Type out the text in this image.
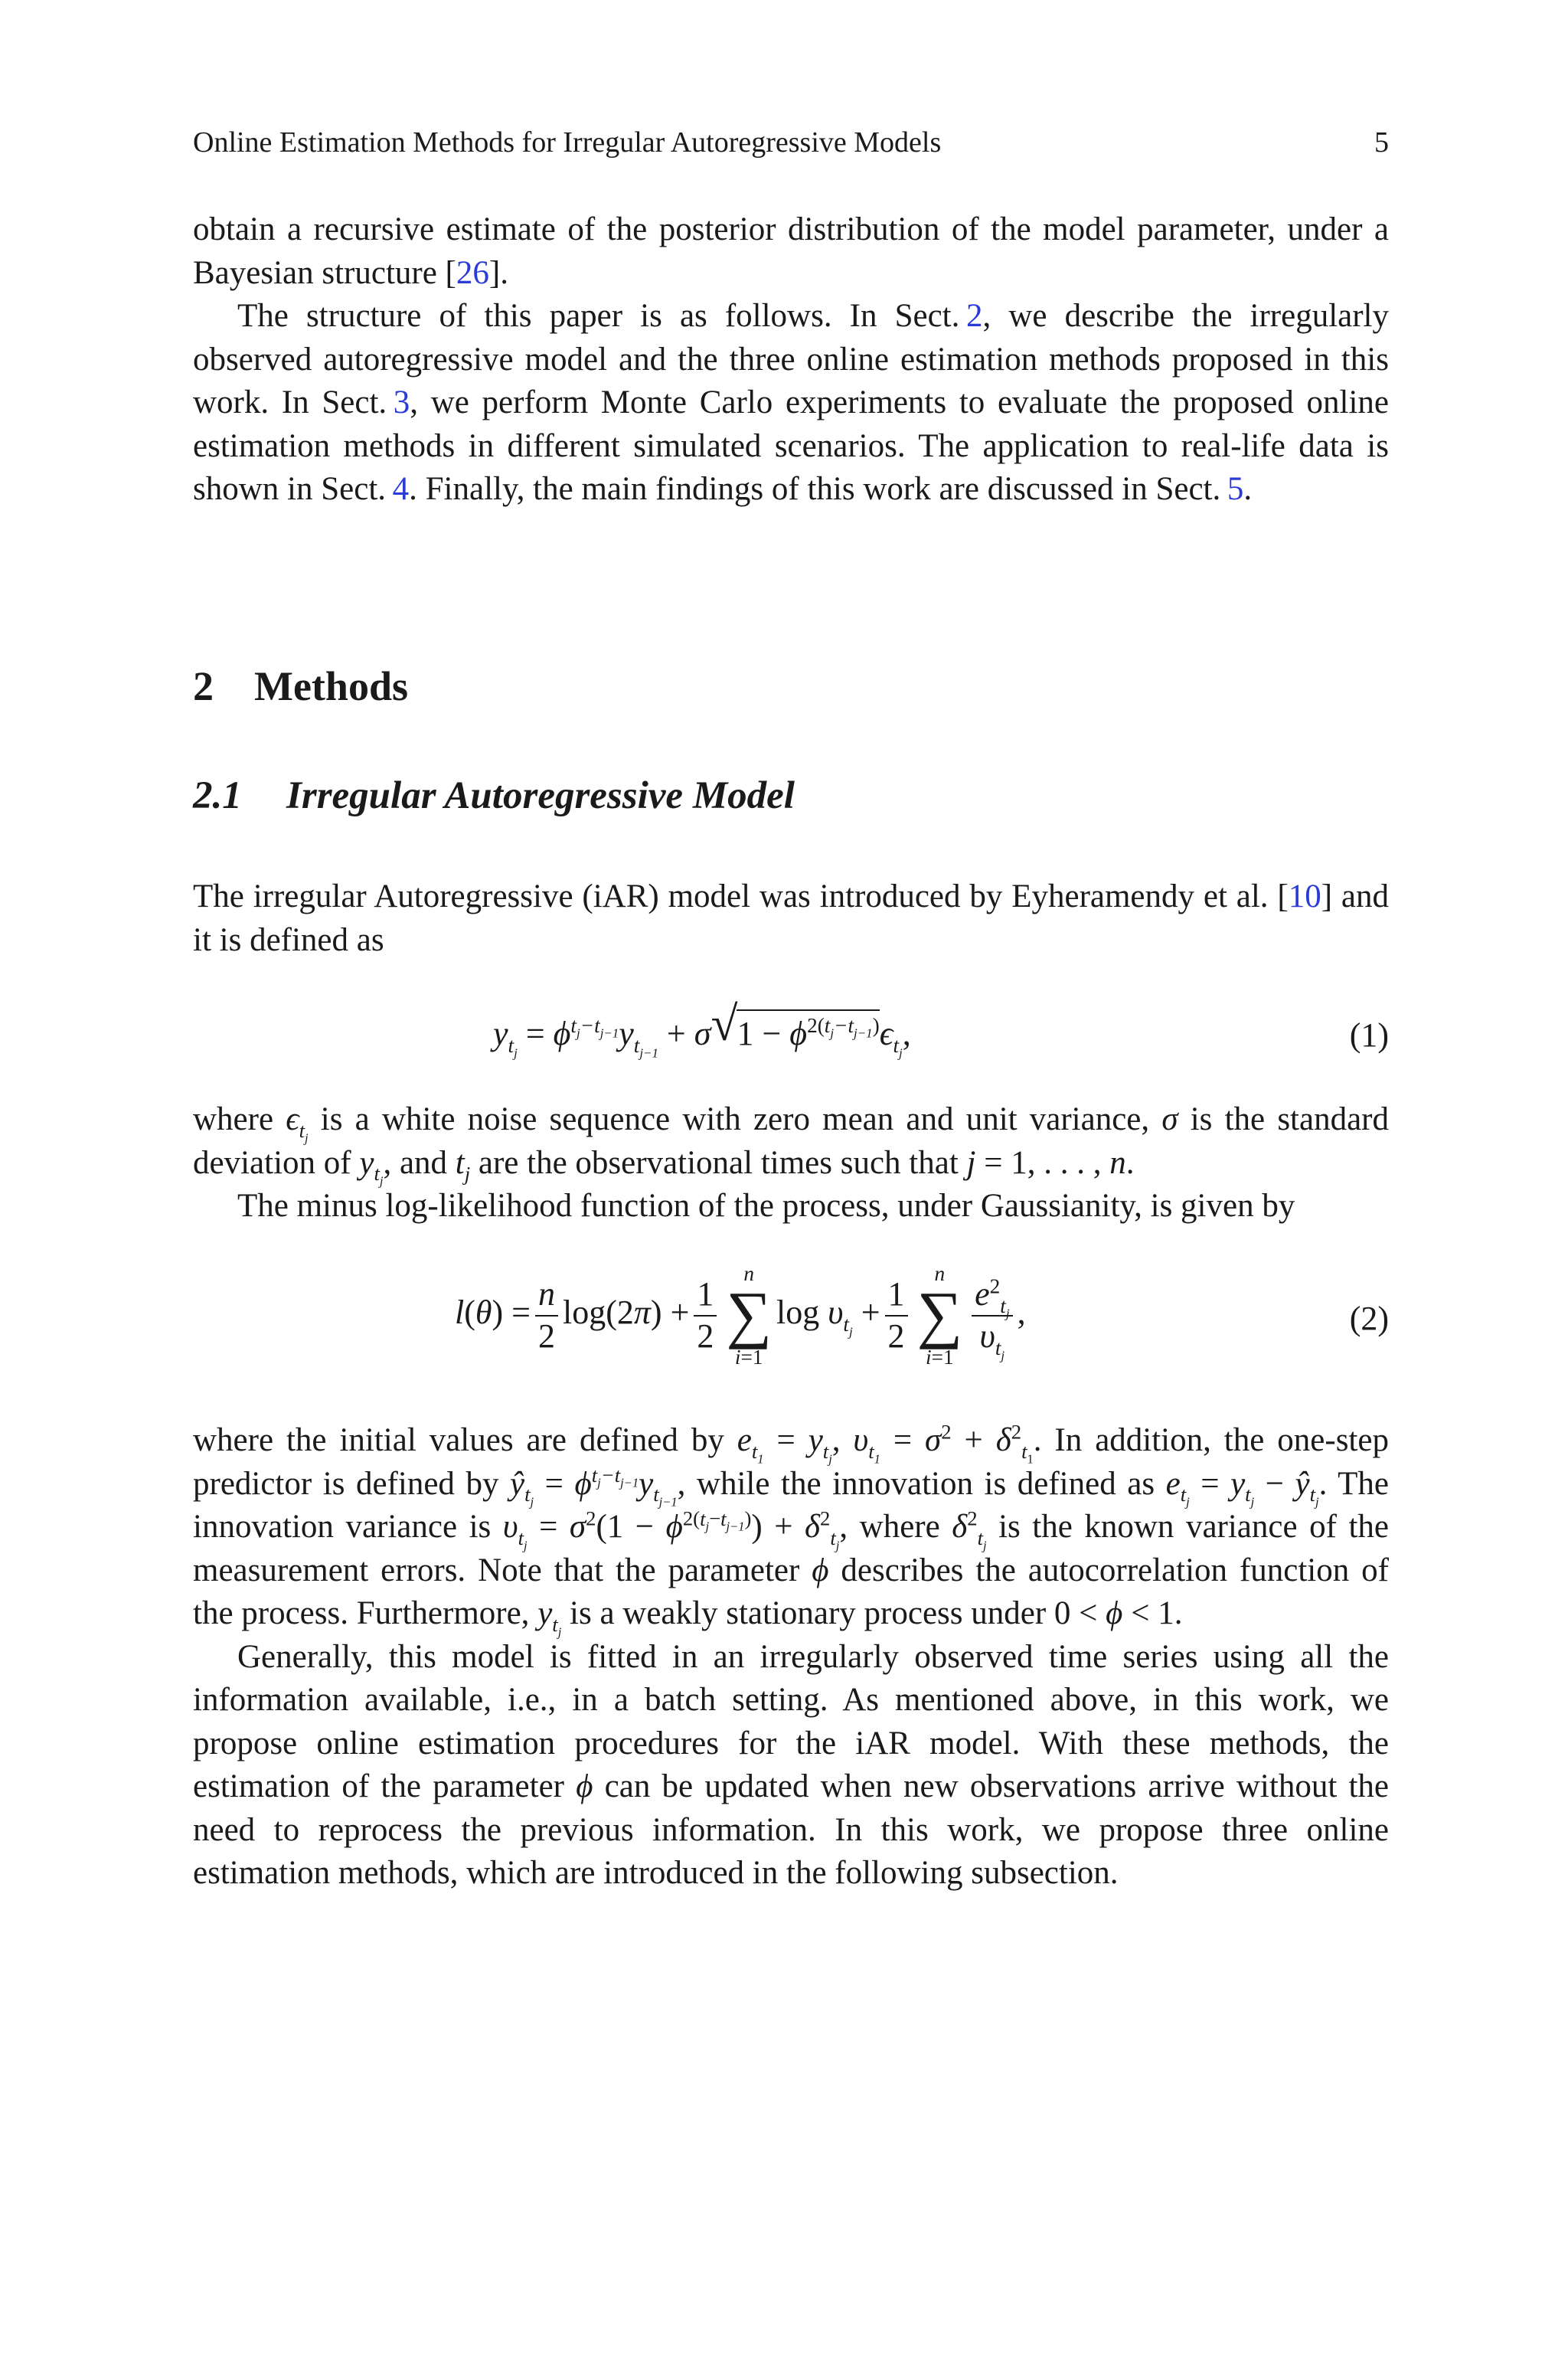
Online Estimation Methods for Irregular Autoregressive Models	5

obtain a recursive estimate of the posterior distribution of the model parameter, under a Bayesian structure [26].

The structure of this paper is as follows. In Sect. 2, we describe the irregularly observed autoregressive model and the three online estimation methods proposed in this work. In Sect. 3, we perform Monte Carlo experiments to evaluate the proposed online estimation methods in different simulated scenarios. The application to real-life data is shown in Sect. 4. Finally, the main findings of this work are discussed in Sect. 5.

2 Methods
2.1 Irregular Autoregressive Model

The irregular Autoregressive (iAR) model was introduced by Eyheramendy et al. [10] and it is defined as

$y_{t_j} = \phi^{t_j-t_{j-1}}y_{t_{j-1}} + \sigma$ √
$1 - \phi^{2(t_j-t_{j-1})}\epsilon_{t_j}$,	(1)

where $\epsilon_{t_j}$ is a white noise sequence with zero mean and unit variance, σ is the standard deviation of $y_{t_j}$, and $t_j$ are the observational times such that j = 1, . . . , n.

The minus log-likelihood function of the process, under Gaussianity, is given by

$l(\theta) = \frac{n}{2} \log(2\pi) + \frac{1}{2}$
n
∑
i=1
$\log \upsilon_{t_j} + \frac{1}{2}$
n
∑
i=1
$\frac{e^2_{t_j}}{\upsilon_{t_j}}$ ,	(2)

where the initial values are defined by $e_{t_1} = y_{t_j}$, $\upsilon_{t_1} = \sigma^2 + \delta^2_{t_1}$. In addition, the one-step predictor is defined by $ŷ_{t_j} = \phi^{t_j-t_{j-1}}y_{t_{j-1}}$, while the innovation is defined as $e_{t_j} = y_{t_j}$ − $ŷ_{t_j}$. The innovation variance is $\upsilon_{t_j} = \sigma^2(1 - \phi^{2(t_j-t_{j-1})}) + \delta^2_{t_j}$, where $\delta^2_{t_j}$ is the known variance of the measurement errors. Note that the parameter ϕ describes the autocorrelation function of the process. Furthermore, $y_{t_j}$ is a weakly stationary process under 0 < ϕ < 1.

Generally, this model is fitted in an irregularly observed time series using all the information available, i.e., in a batch setting. As mentioned above, in this work, we propose online estimation procedures for the iAR model. With these methods, the estimation of the parameter ϕ can be updated when new observations arrive without the need to reprocess the previous information. In this work, we propose three online estimation methods, which are introduced in the following subsection.
